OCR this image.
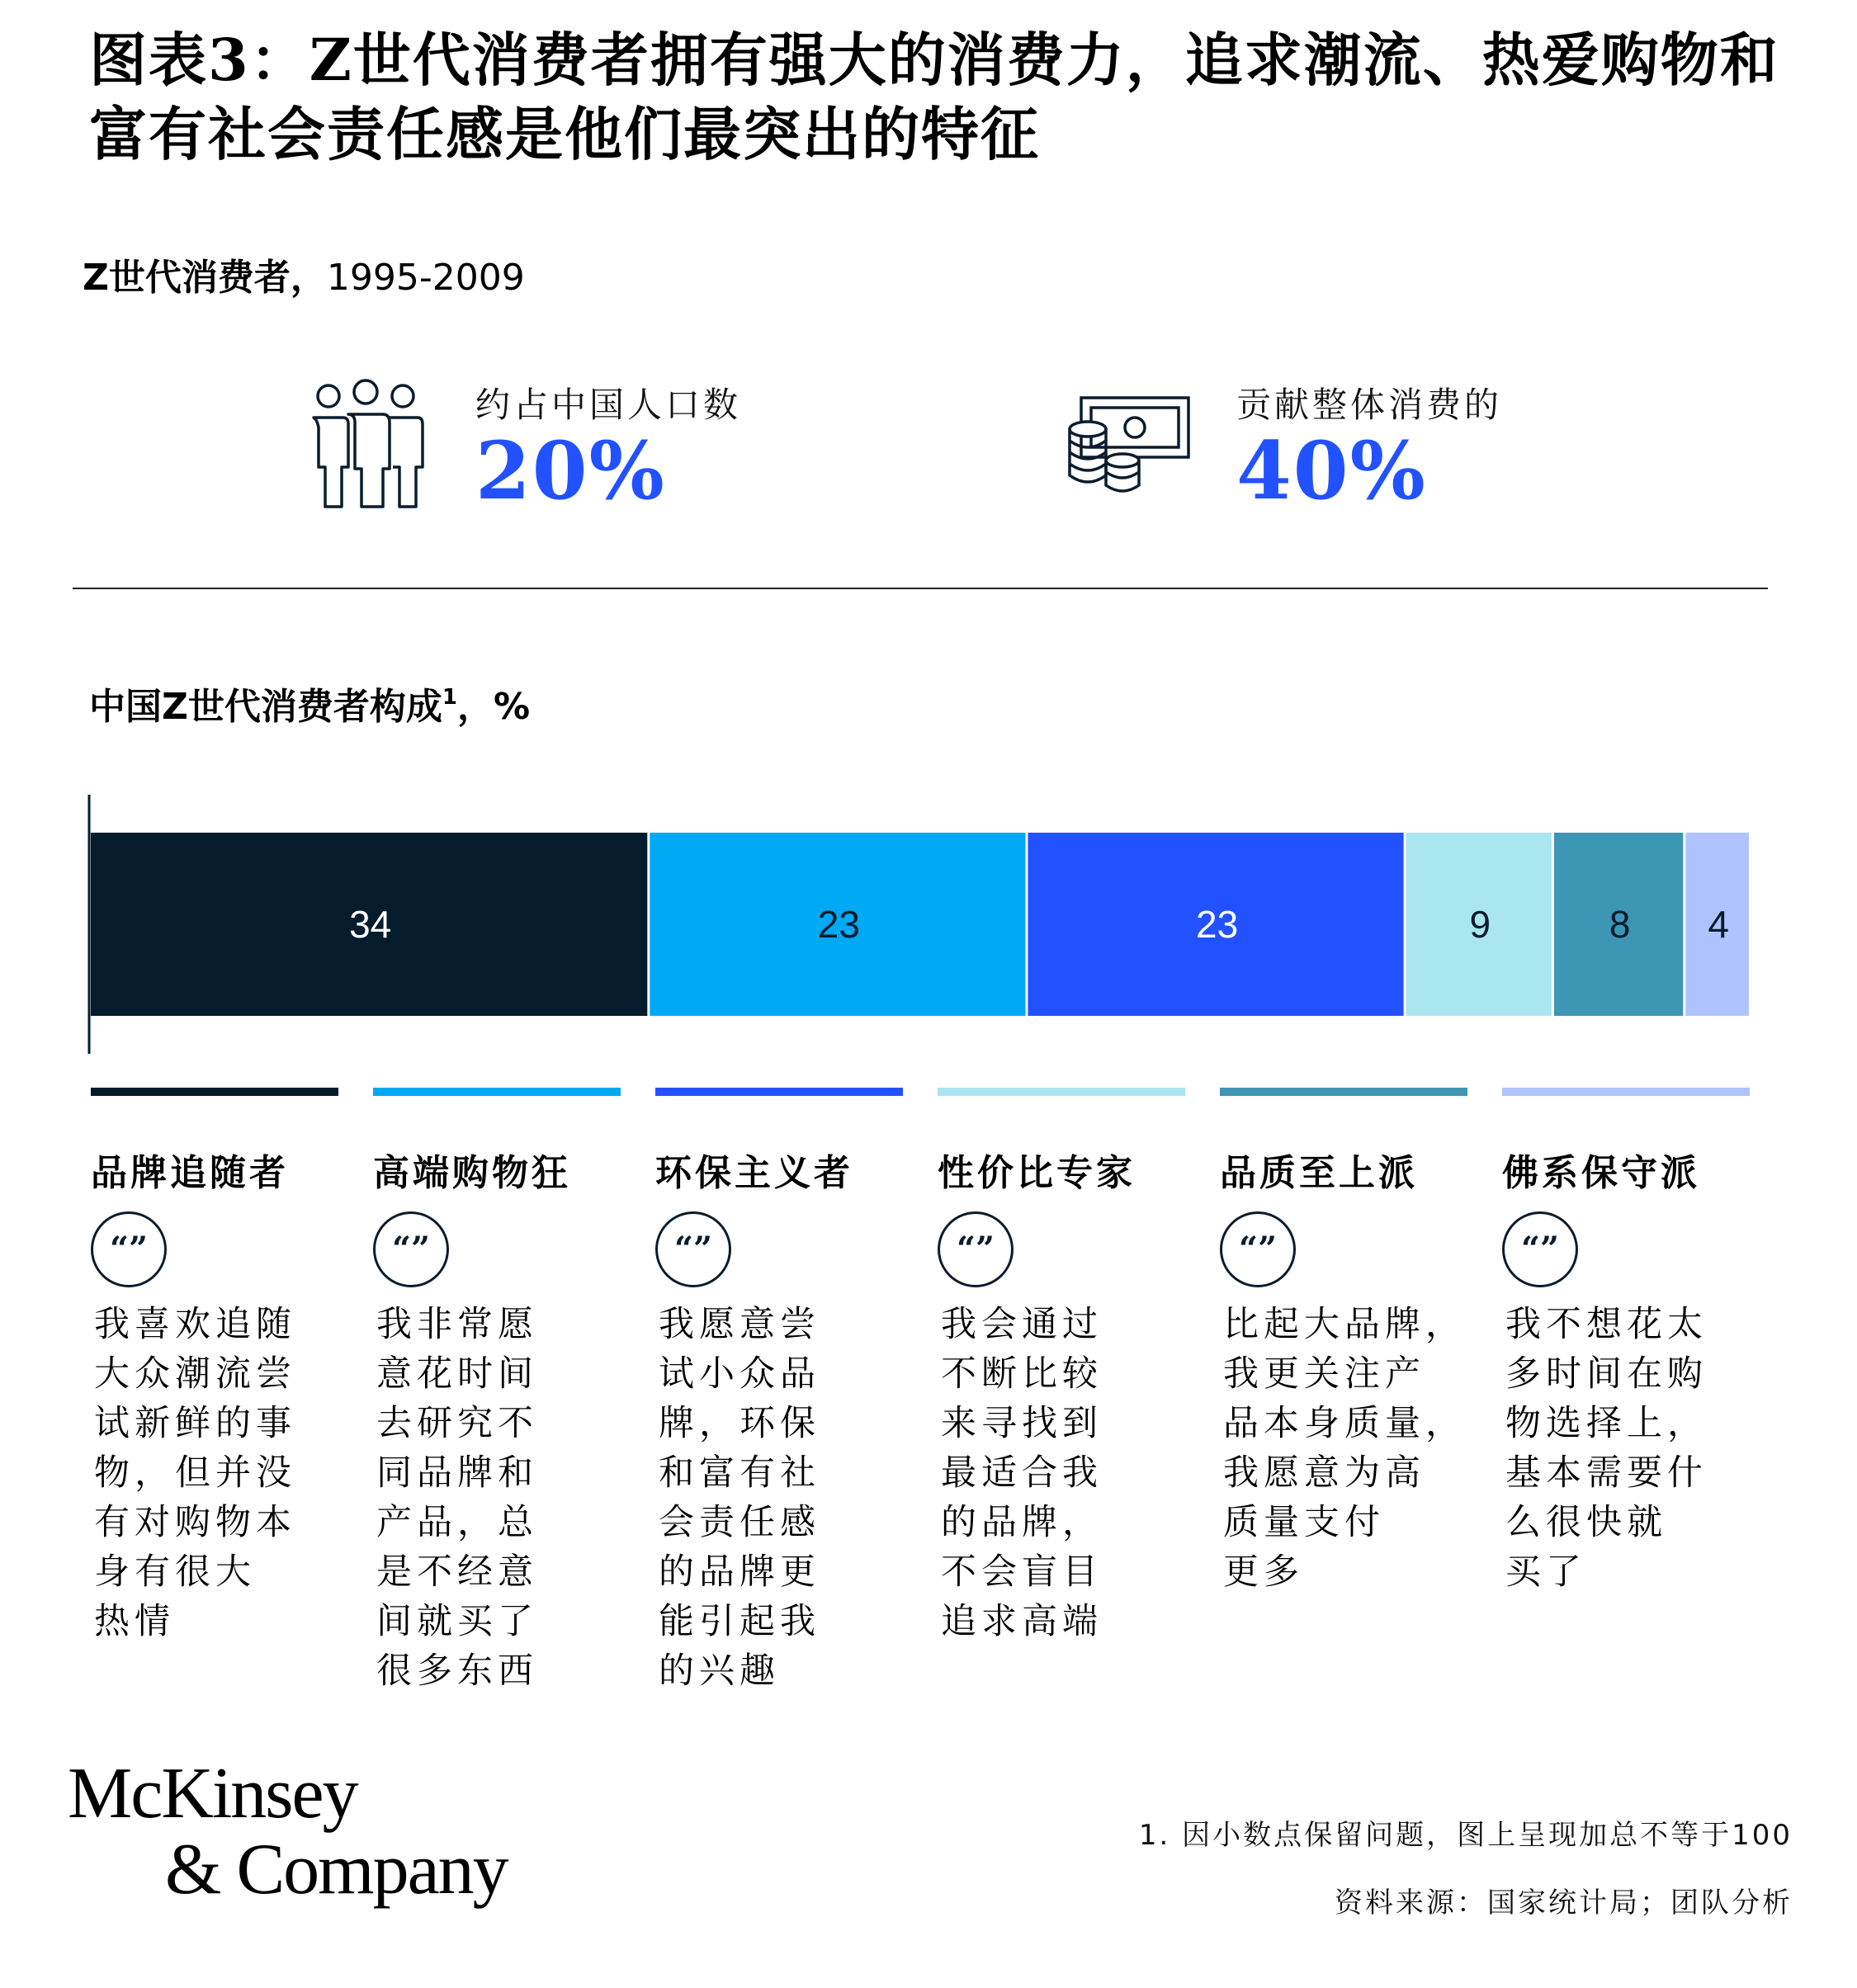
图表3：Z世代消费者拥有强大的消费力，追求潮流、热爱购物和富有社会责任感是他们最突出的特征
Z世代消费者，1995-2009
约占中国人口数
20%
贡献整体消费的
40%
中国Z世代消费者构成$^1$，%
34	23	23	9	8 4
品牌追随者
“”
我喜欢追随
大众潮流尝
试新鲜的事
物，但并没
有对购物本
身有很大
热情
高端购物狂
“”
我非常愿
意花时间
去研究不
同品牌和
产品，总
是不经意
间就买了
很多东西
环保主义者
“”
我愿意尝
试小众品
牌，环保
和富有社
会责任感
的品牌更
能引起我
的兴趣
性价比专家
“”
我会通过
不断比较
来寻找到
最适合我
的品牌，
不会盲目
追求高端
品质至上派
“”
比起大品牌，
我更关注产
品本身质量，
我愿意为高
质量支付
更多
佛系保守派
“”
我不想花太
多时间在购
物选择上，
基本需要什
么很快就
买了
McKinsey
& Company	1. 因小数点保留问题，图上呈现加总不等于100
资料来源：国家统计局；团队分析
